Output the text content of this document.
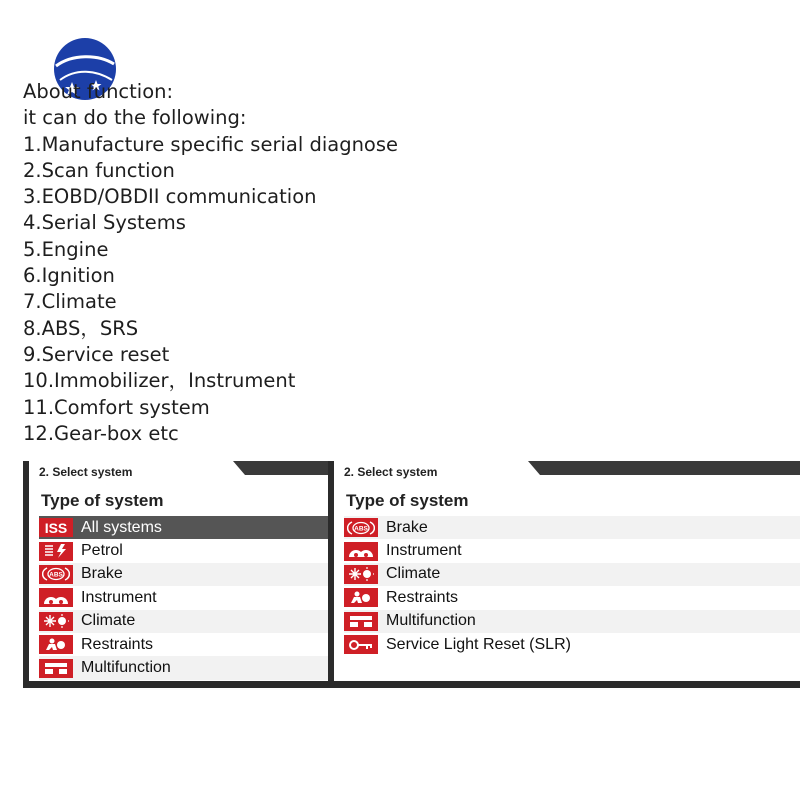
About function:
it can do the following:
1.Manufacture specific serial diagnose
2.Scan function
3.EOBD/OBDII communication
4.Serial Systems
5.Engine
6.Ignition
7.Climate
8.ABS，SRS
9.Service reset
10.Immobilizer，Instrument
11.Comfort system
12.Gear-box etc
2. Select system
Type of system
ISS All systems
Petrol
ABS Brake
Instrument
Climate
Restraints
Multifunction
2. Select system
Type of system
ABS Brake
Instrument
Climate
Restraints
Multifunction
Service Light Reset (SLR)
